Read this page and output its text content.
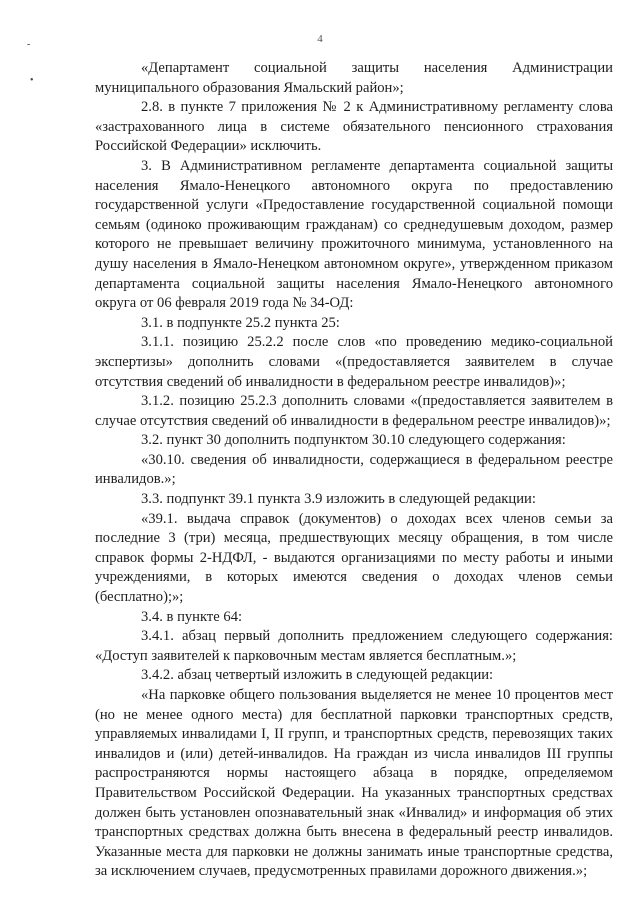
-
•
4

«Департамент социальной защиты населения Администрации муниципального образования Ямальский район»;

2.8. в пункте 7 приложения № 2 к Административному регламенту слова «застрахованного лица в системе обязательного пенсионного страхования Российской Федерации» исключить.

3. В Административном регламенте департамента социальной защиты населения Ямало-Ненецкого автономного округа по предоставлению государственной услуги «Предоставление государственной социальной помощи семьям (одиноко проживающим гражданам) со среднедушевым доходом, размер которого не превышает величину прожиточного минимума, установленного на душу населения в Ямало-Ненецком автономном округе», утвержденном приказом департамента социальной защиты населения Ямало-Ненецкого автономного округа от 06 февраля 2019 года № 34-ОД:

3.1. в подпункте 25.2 пункта 25:

3.1.1. позицию 25.2.2 после слов «по проведению медико-социальной экспертизы» дополнить словами «(предоставляется заявителем в случае отсутствия сведений об инвалидности в федеральном реестре инвалидов)»;

3.1.2. позицию 25.2.3 дополнить словами «(предоставляется заявителем в случае отсутствия сведений об инвалидности в федеральном реестре инвалидов)»;

3.2. пункт 30 дополнить подпунктом 30.10 следующего содержания:

«30.10. сведения об инвалидности, содержащиеся в федеральном реестре инвалидов.»;

3.3. подпункт 39.1 пункта 3.9 изложить в следующей редакции:

«39.1. выдача справок (документов) о доходах всех членов семьи за последние 3 (три) месяца, предшествующих месяцу обращения, в том числе справок формы 2-НДФЛ, - выдаются организациями по месту работы и иными учреждениями, в которых имеются сведения о доходах членов семьи (бесплатно);»;

3.4. в пункте 64:

3.4.1. абзац первый дополнить предложением следующего содержания: «Доступ заявителей к парковочным местам является бесплатным.»;

3.4.2. абзац четвертый изложить в следующей редакции:

«На парковке общего пользования выделяется не менее 10 процентов мест (но не менее одного места) для бесплатной парковки транспортных средств, управляемых инвалидами I, II групп, и транспортных средств, перевозящих таких инвалидов и (или) детей-инвалидов. На граждан из числа инвалидов III группы распространяются нормы настоящего абзаца в порядке, определяемом Правительством Российской Федерации. На указанных транспортных средствах должен быть установлен опознавательный знак «Инвалид» и информация об этих транспортных средствах должна быть внесена в федеральный реестр инвалидов. Указанные места для парковки не должны занимать иные транспортные средства, за исключением случаев, предусмотренных правилами дорожного движения.»;
